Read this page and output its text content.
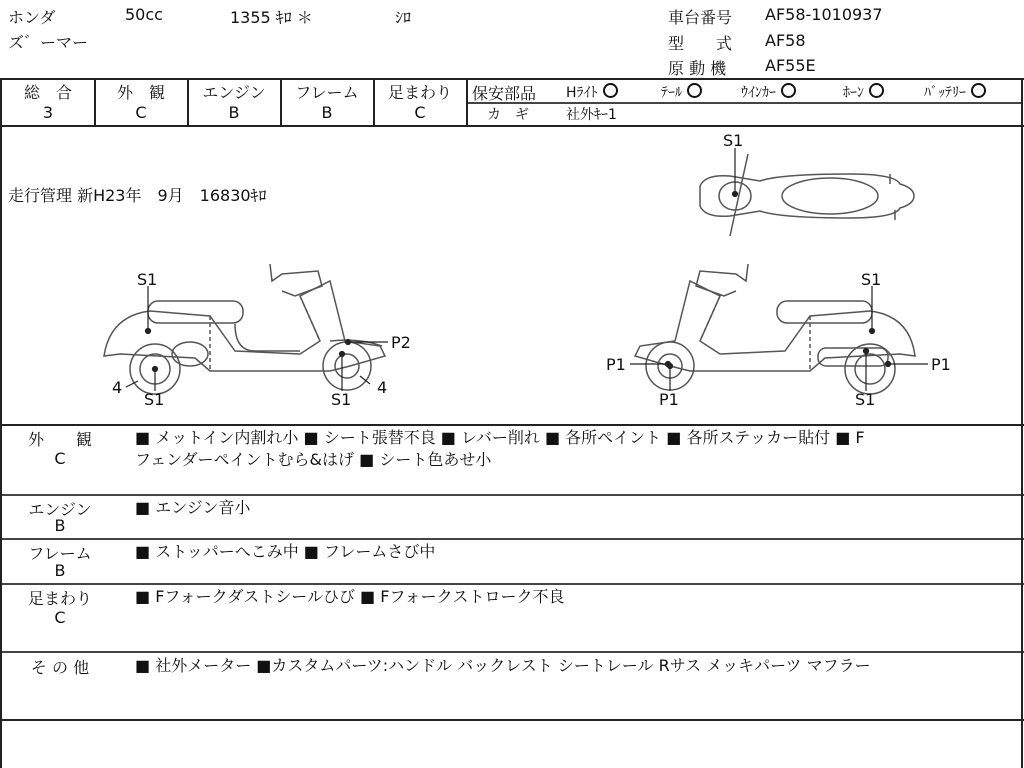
ホンダ	50cc	1355 ｷﾛ ＊	ｼﾛ
ズ゛ーマー
車台番号 AF58-1010937
型　　式 AF58
原 動 機 AF55E
総　合
3
外　観
C
エンジン
B
フレーム
B
足まわり
C
保安部品 Hﾗｲﾄ	ﾃｰﾙ	ｳｲﾝｶｰ	ﾎｰﾝ	ﾊﾞｯﾃﾘｰ
カ　ギ	社外ｷｰ1
走行管理 新H23年　9月　16830ｷﾛ
S1
S1
P2
4
S1	S1
4
S1
P1
P1
P1
S1
外　　観
C
■ メットイン内割れ小 ■ シート張替不良 ■ レバー削れ ■ 各所ペイント ■ 各所ステッカー貼付 ■ F
フェンダーペイントむら&はげ ■ シート色あせ小
エンジン
B
■ エンジン音小
フレーム
B
■ ストッパーへこみ中 ■ フレームさび中
足まわり
C
■ Fフォークダストシールひび ■ Fフォークストローク不良
そ の 他	■ 社外メーター ■カスタムパーツ:ハンドル バックレスト シートレール Rサス メッキパーツ マフラー
